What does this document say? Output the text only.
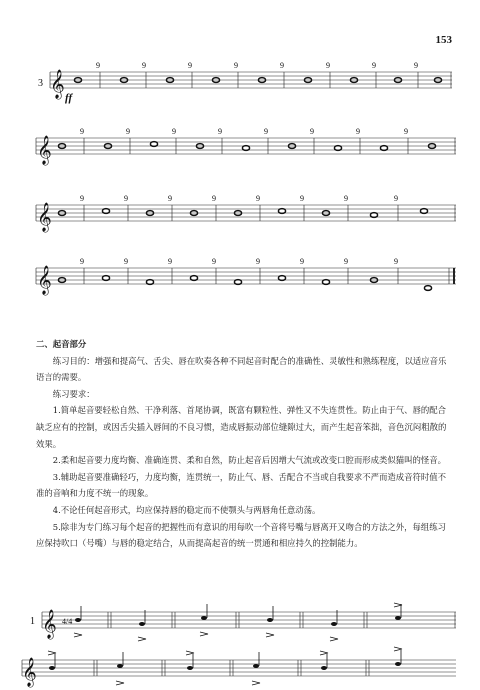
153
𝄞
𝄞
𝄞
𝄞
3
ff
9	9	9	9	9	9	9	9
9	9	9	9	9	9	9	9
9	9	9	9	9	9	9	9
9	9	9	9	9	9	9	9

二、起音部分

练习目的：增强和提高气、舌尖、唇在吹奏各种不同起音时配合的准确性、灵敏性和熟练程度，以适应音乐语言的需要。

练习要求：

1.简单起音要轻松自然、干净利落、首尾协调，既富有颗粒性、弹性又不失连贯性。防止由于气、唇的配合缺乏应有的控制，或因舌尖插入唇间的不良习惯，造成唇振动部位缝隙过大，而产生起音笨拙，音色沉闷粗散的效果。

2.柔和起音要力度均衡、准确连贯、柔和自然，防止起音后因增大气流或改变口腔而形成类似猫叫的怪音。

3.辅助起音要准确轻巧，力度均衡，连贯统一，防止气、唇、舌配合不当或自我要求不严而造成音符时值不准的音响和力度不统一的现象。

4.不论任何起音形式，均应保持唇的稳定而不使颚头与两唇角任意动荡。

5.除非为专门练习每个起音的把握性而有意识的用每吹一个音将号嘴与唇离开又吻合的方法之外，每组练习应保持吹口（号嘴）与唇的稳定结合，从而提高起音的统一贯通和相应持久的控制能力。

𝄞
𝄞
1	4/4
